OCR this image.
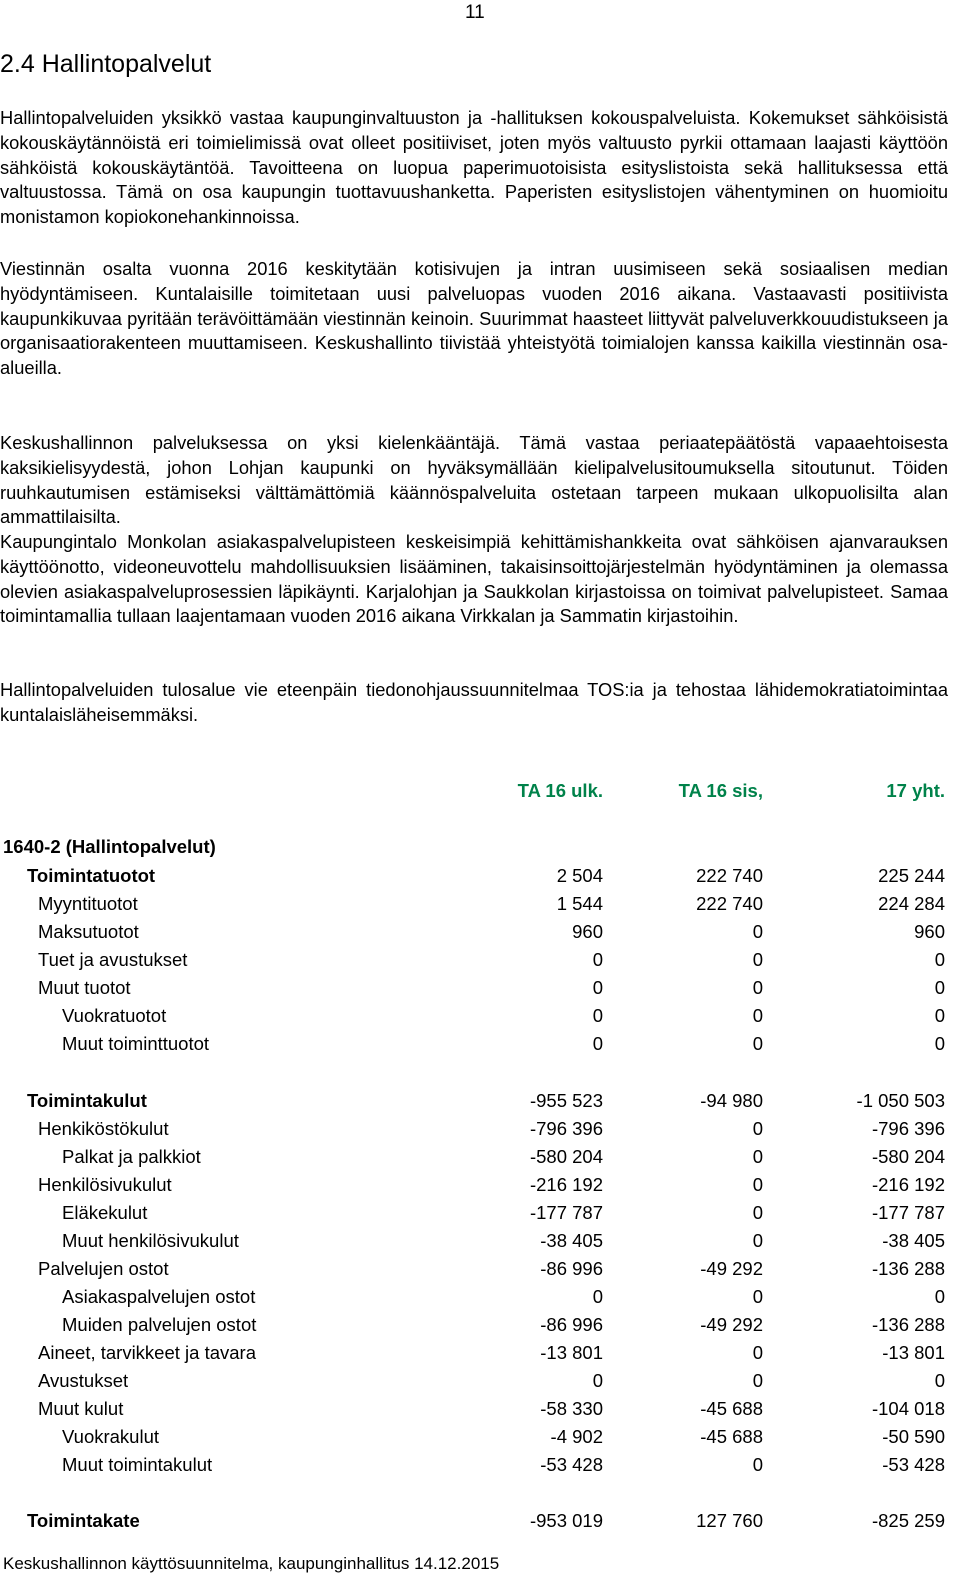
11
2.4 Hallintopalvelut

Hallintopalveluiden yksikkö vastaa kaupunginvaltuuston ja -hallituksen kokouspalveluista. Kokemukset sähköisistä kokouskäytännöistä eri toimielimissä ovat olleet positiiviset, joten myös valtuusto pyrkii ottamaan laajasti käyttöön sähköistä kokouskäytäntöä. Tavoitteena on luopua paperimuotoisista esityslistoista sekä hallituksessa että valtuustossa. Tämä on osa kaupungin tuottavuushanketta. Paperisten esityslistojen vähentyminen on huomioitu monistamon kopiokonehankinnoissa.

Viestinnän osalta vuonna 2016 keskitytään kotisivujen ja intran uusimiseen sekä sosiaalisen median hyödyntämiseen. Kuntalaisille toimitetaan uusi palveluopas vuoden 2016 aikana. Vastaavasti positiivista kaupunkikuvaa pyritään terävöittämään viestinnän keinoin. Suurimmat haasteet liittyvät palveluverkkouudistukseen ja organisaatiorakenteen muuttamiseen. Keskushallinto tiivistää yhteistyötä toimialojen kanssa kaikilla viestinnän osa-alueilla.

Keskushallinnon palveluksessa on yksi kielenkääntäjä. Tämä vastaa periaatepäätöstä vapaaehtoisesta kaksikielisyydestä, johon Lohjan kaupunki on hyväksymällään kielipalvelusitoumuksella sitoutunut. Töiden ruuhkautumisen estämiseksi välttämättömiä käännöspalveluita ostetaan tarpeen mukaan ulkopuolisilta alan ammattilaisilta.

Kaupungintalo Monkolan asiakaspalvelupisteen keskeisimpiä kehittämishankkeita ovat sähköisen ajanvarauksen käyttöönotto, videoneuvottelu mahdollisuuksien lisääminen, takaisinsoittojärjestelmän hyödyntäminen ja olemassa olevien asiakaspalveluprosessien läpikäynti. Karjalohjan ja Saukkolan kirjastoissa on toimivat palvelupisteet. Samaa toimintamallia tullaan laajentamaan vuoden 2016 aikana Virkkalan ja Sammatin kirjastoihin.

Hallintopalveluiden tulosalue vie eteenpäin tiedonohjaussuunnitelmaa TOS:ia ja tehostaa lähidemokratiatoimintaa kuntalaisläheisemmäksi.

TA 16 ulk.	TA 16 sis,	17 yht.
1640-2 (Hallintopalvelut)
Toimintatuotot	2 504	222 740	225 244
Myyntituotot	1 544	222 740	224 284
Maksutuotot	960	0	960
Tuet ja avustukset	0	0	0
Muut tuotot	0	0	0
Vuokratuotot	0	0	0
Muut toiminttuotot	0	0	0
Toimintakulut	-955 523	-94 980	-1 050 503
Henkiköstökulut	-796 396	0	-796 396
Palkat ja palkkiot	-580 204	0	-580 204
Henkilösivukulut	-216 192	0	-216 192
Eläkekulut	-177 787	0	-177 787
Muut henkilösivukulut	-38 405	0	-38 405
Palvelujen ostot	-86 996	-49 292	-136 288
Asiakaspalvelujen ostot	0	0	0
Muiden palvelujen ostot	-86 996	-49 292	-136 288
Aineet, tarvikkeet ja tavara	-13 801	0	-13 801
Avustukset	0	0	0
Muut kulut	-58 330	-45 688	-104 018
Vuokrakulut	-4 902	-45 688	-50 590
Muut toimintakulut	-53 428	0	-53 428
Toimintakate	-953 019	127 760	-825 259
Keskushallinnon käyttösuunnitelma, kaupunginhallitus 14.12.2015
